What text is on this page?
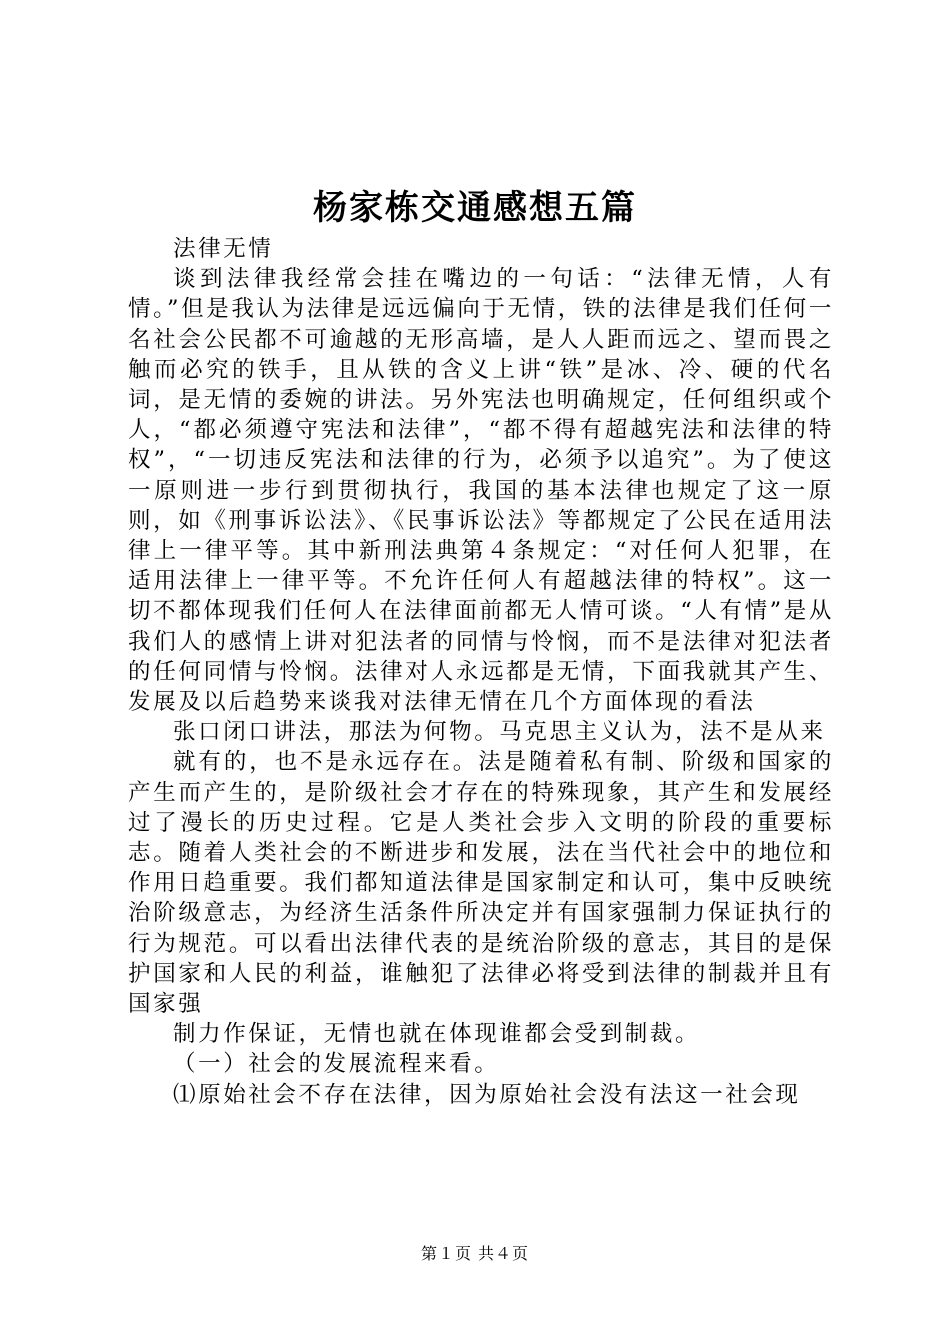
杨家栋交通感想五篇

法律无情

谈到法律我经常会挂在嘴边的一句话：“法律无情，人有情。”但是我认为法律是远远偏向于无情，铁的法律是我们任何一名社会公民都不可逾越的无形高墙，是人人距而远之、望而畏之触而必究的铁手，且从铁的含义上讲“铁”是冰、冷、硬的代名词，是无情的委婉的讲法。另外宪法也明确规定，任何组织或个人，“都必须遵守宪法和法律”，“都不得有超越宪法和法律的特权”，“一切违反宪法和法律的行为，必须予以追究”。为了使这一原则进一步行到贯彻执行，我国的基本法律也规定了这一原则，如《刑事诉讼法》、《民事诉讼法》等都规定了公民在适用法律上一律平等。其中新刑法典第４条规定：“对任何人犯罪，在适用法律上一律平等。不允许任何人有超越法律的特权”。这一切不都体现我们任何人在法律面前都无人情可谈。“人有情”是从我们人的感情上讲对犯法者的同情与怜悯，而不是法律对犯法者的任何同情与怜悯。法律对人永远都是无情，下面我就其产生、发展及以后趋势来谈我对法律无情在几个方面体现的看法

张口闭口讲法，那法为何物。马克思主义认为，法不是从来

就有的，也不是永远存在。法是随着私有制、阶级和国家的产生而产生的，是阶级社会才存在的特殊现象，其产生和发展经过了漫长的历史过程。它是人类社会步入文明的阶段的重要标志。随着人类社会的不断进步和发展，法在当代社会中的地位和作用日趋重要。我们都知道法律是国家制定和认可，集中反映统治阶级意志，为经济生活条件所决定并有国家强制力保证执行的行为规范。可以看出法律代表的是统治阶级的意志，其目的是保护国家和人民的利益，谁触犯了法律必将受到法律的制裁并且有国家强

制力作保证，无情也就在体现谁都会受到制裁。

（一）社会的发展流程来看。

⑴原始社会不存在法律，因为原始社会没有法这一社会现

第１页 共４页
